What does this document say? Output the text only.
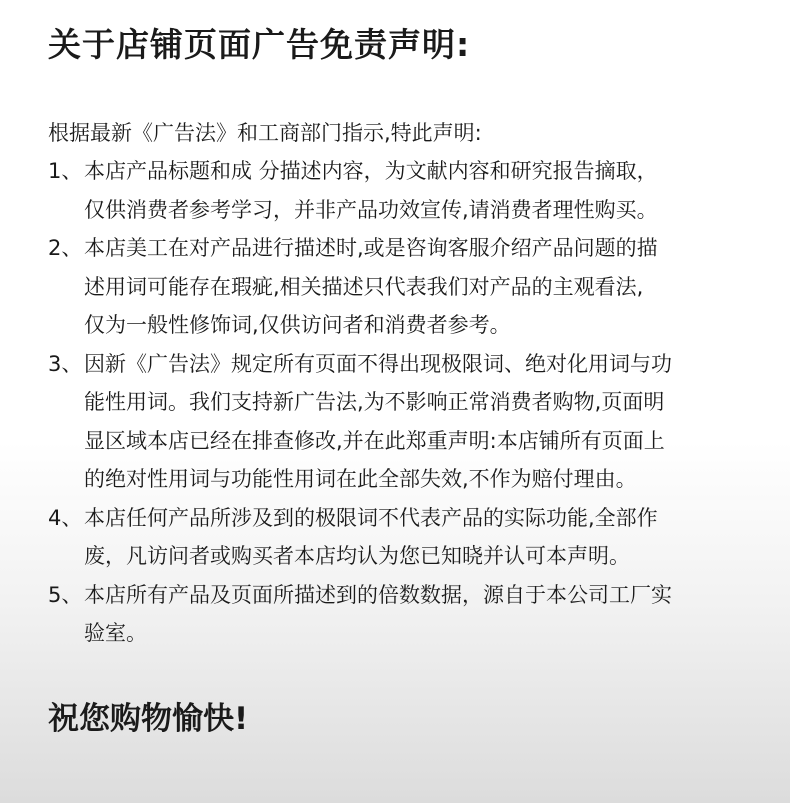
关于店铺页面广告免责声明:
根据最新《广告法》和工商部门指示,特此声明:
1、 本店产品标题和成 分描述内容，为文献内容和研究报告摘取，
仅供消费者参考学习，并非产品功效宣传,请消费者理性购买。
2、 本店美工在对产品进行描述时,或是咨询客服介绍产品问题的描
述用词可能存在瑕疵,相关描述只代表我们对产品的主观看法,
仅为一般性修饰词,仅供访问者和消费者参考。
3、 因新《广告法》规定所有页面不得出现极限词、绝对化用词与功
能性用词。我们支持新广告法,为不影响正常消费者购物,页面明
显区域本店已经在排查修改,并在此郑重声明:本店铺所有页面上
的绝对性用词与功能性用词在此全部失效,不作为赔付理由。
4、 本店任何产品所涉及到的极限词不代表产品的实际功能,全部作
废，凡访问者或购买者本店均认为您已知晓并认可本声明。
5、 本店所有产品及页面所描述到的倍数数据，源自于本公司工厂实
验室。
祝您购物愉快!
